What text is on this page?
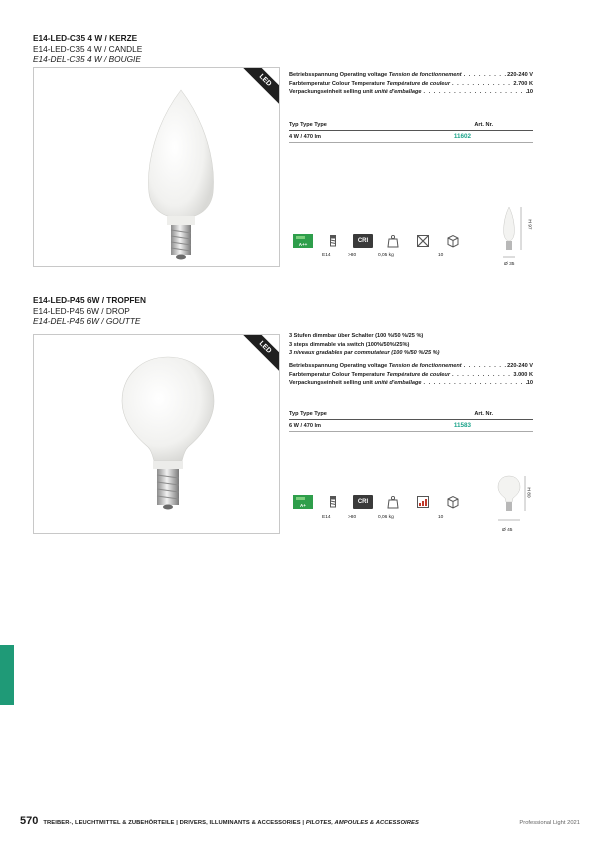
E14-LED-C35 4 W / KERZE
E14-LED-C35 4 W / CANDLE
E14-DEL-C35 4 W / BOUGIE
LED	Betriebsspannung Operating voltage Tension de fonctionnement . . .	220-240 V
Farbtemperatur Colour Temperature Température de couleur . . .	2.700 K
Verpackungseinheit selling unit unité d'emballage . . .	10
Typ Type Type	Art. Nr.
4 W / 470 lm	11602
A++
CRI
E14	>80	0,05 kg	10
H 97
Ø 35
E14-LED-P45 6W / TROPFEN
E14-LED-P45 6W / DROP
E14-DEL-P45 6W / GOUTTE
LED
3 Stufen dimmbar über Schalter (100 %/50 %/25 %)
3 steps dimmable via switch (100%/50%/25%)
3 niveaux gradables par commutateur (100 %/50 %/25 %)
Betriebsspannung Operating voltage Tension de fonctionnement . . .	220-240 V
Farbtemperatur Colour Temperature Température de couleur . . .	3.000 K
Verpackungseinheit selling unit unité d'emballage . . .	10
Typ Type Type	Art. Nr.
6 W / 470 lm	11583
A+
CRI
E14	>80	0,06 kg	10
H 80
Ø 45
570 TREIBER-, LEUCHTMITTEL & ZUBEHÖRTEILE | DRIVERS, ILLUMINANTS & ACCESSORIES | PILOTES, AMPOULES & ACCESSOIRES	Professional Light 2021
